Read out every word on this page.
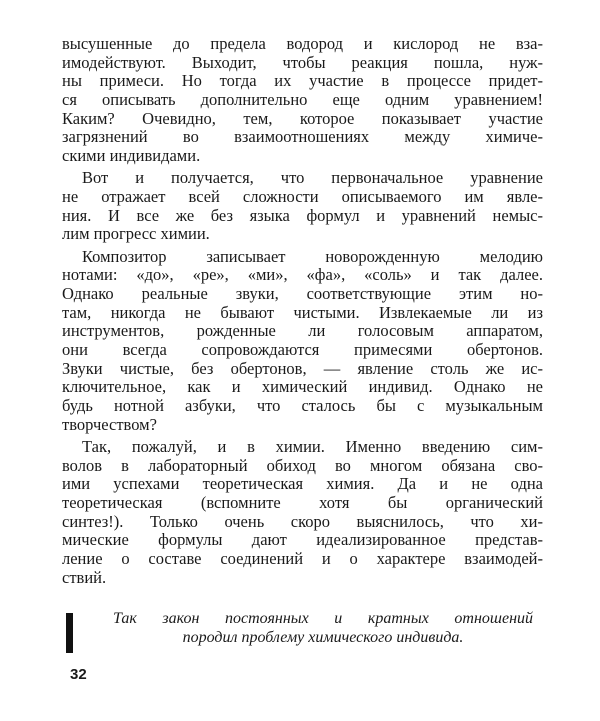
высушенные до предела водород и кислород не вза-
имодействуют. Выходит, чтобы реакция пошла, нуж-
ны примеси. Но тогда их участие в процессе придет-
ся описывать дополнительно еще одним уравнением!
Каким? Очевидно, тем, которое показывает участие
загрязнений во взаимоотношениях между химиче-
скими индивидами.
Вот и получается, что первоначальное уравнение
не отражает всей сложности описываемого им явле-
ния. И все же без языка формул и уравнений немыс-
лим прогресс химии.
Композитор записывает новорожденную мелодию
нотами: «до», «ре», «ми», «фа», «соль» и так далее.
Однако реальные звуки, соответствующие этим но-
там, никогда не бывают чистыми. Извлекаемые ли из
инструментов, рожденные ли голосовым аппаратом,
они всегда сопровождаются примесями обертонов.
Звуки чистые, без обертонов, — явление столь же ис-
ключительное, как и химический индивид. Однако не
будь нотной азбуки, что сталось бы с музыкальным
творчеством?
Так, пожалуй, и в химии. Именно введению сим-
волов в лабораторный обиход во многом обязана сво-
ими успехами теоретическая химия. Да и не одна
теоретическая (вспомните хотя бы органический
синтез!). Только очень скоро выяснилось, что хи-
мические формулы дают идеализированное представ-
ление о составе соединений и о характере взаимодей-
ствий.
Так закон постоянных и кратных отношений
породил проблему химического индивида.
32
